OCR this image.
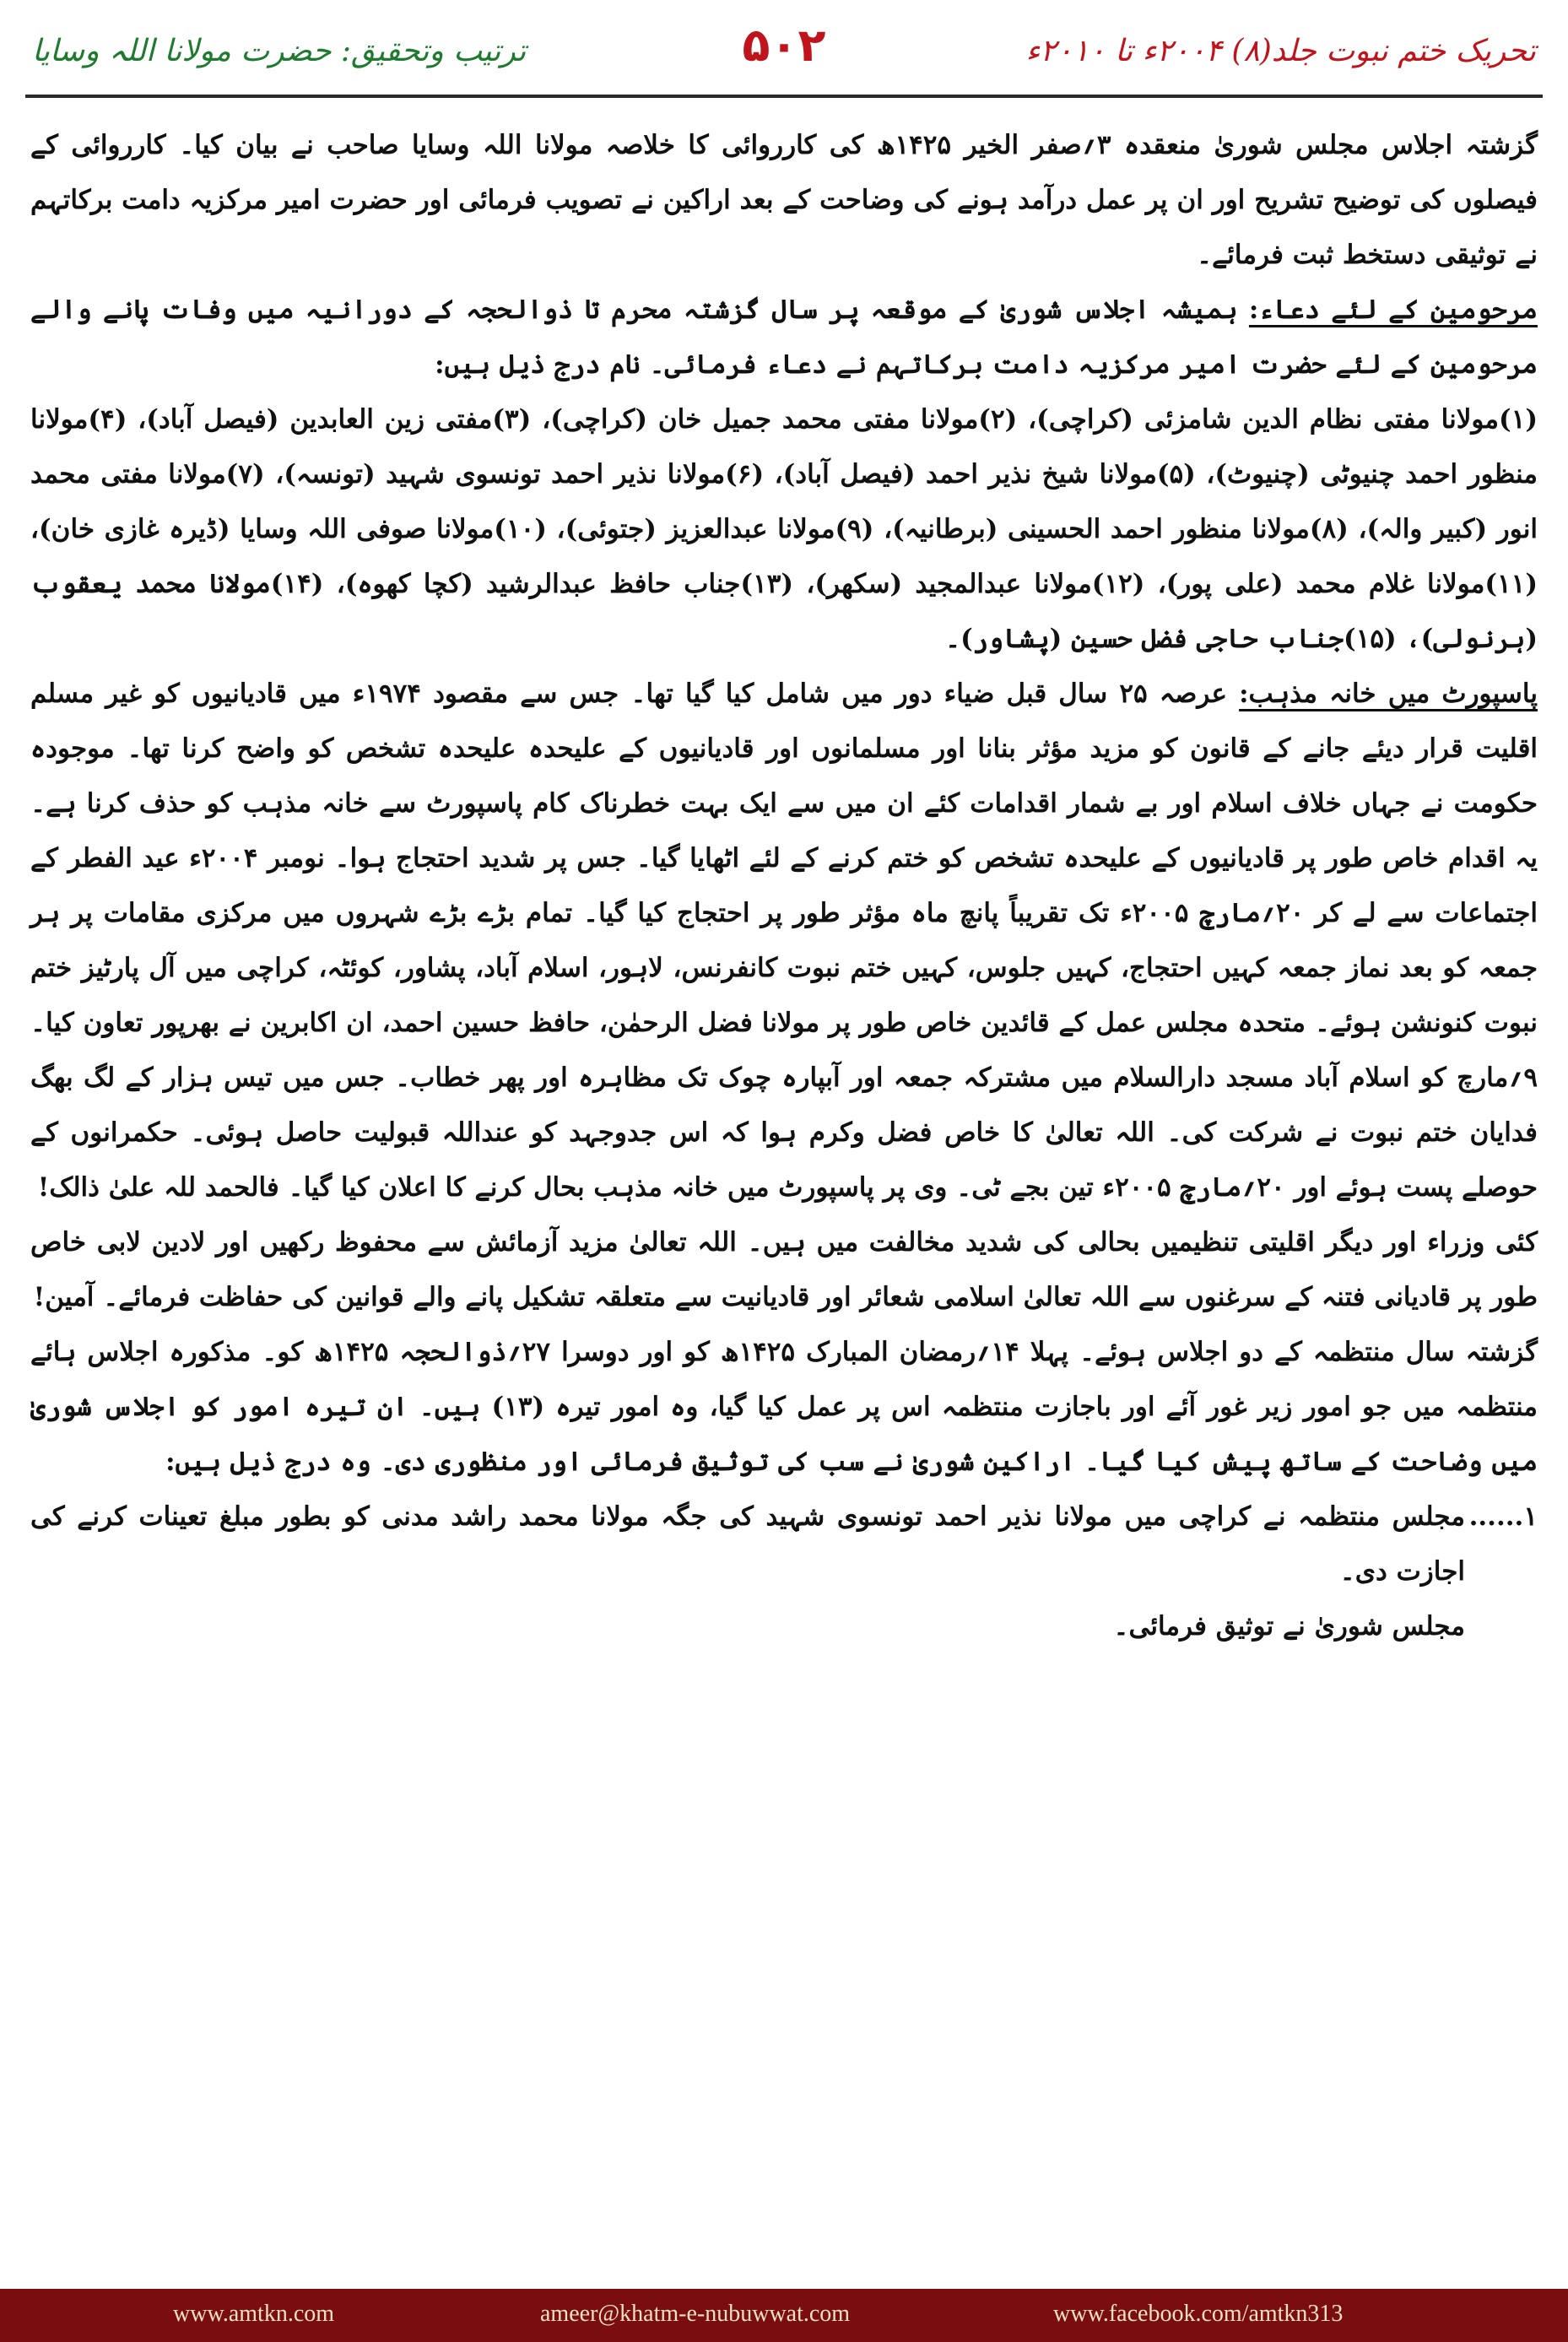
ترتیب وتحقیق: حضرت مولانا اللہ وسایا	۵۰۲	تحریک ختم نبوت جلد(۸) ۲۰۰۴ء تا ۲۰۱۰ء

گزشتہ اجلاس مجلس شوریٰ منعقدہ ۳؍صفر الخیر ۱۴۲۵ھ کی کارروائی کا خلاصہ مولانا اللہ وسایا صاحب نے بیان کیا۔ کارروائی کے فیصلوں کی توضیح تشریح اور ان پر عمل درآمد ہونے کی وضاحت کے بعد اراکین نے تصویب فرمائی اور حضرت امیر مرکزیہ دامت برکاتہم نے توثیقی دستخط ثبت فرمائے۔

مرحومین کے لئے دعاء: ہمیشہ اجلاس شوریٰ کے موقعہ پر سال گزشتہ محرم تا ذوالحجہ کے دورانیہ میں وفات پانے والے مرحومین کے لئے حضرت امیر مرکزیہ دامت برکاتہم نے دعاء فرمائی۔ نام درج ذیل ہیں:

(۱)مولانا مفتی نظام الدین شامزئی (کراچی)، (۲)مولانا مفتی محمد جمیل خان (کراچی)، (۳)مفتی زین العابدین (فیصل آباد)، (۴)مولانا منظور احمد چنیوٹی (چنیوٹ)، (۵)مولانا شیخ نذیر احمد (فیصل آباد)، (۶)مولانا نذیر احمد تونسوی شہید (تونسہ)، (۷)مولانا مفتی محمد انور (کبیر والہ)، (۸)مولانا منظور احمد الحسینی (برطانیہ)، (۹)مولانا عبدالعزیز (جتوئی)، (۱۰)مولانا صوفی اللہ وسایا (ڈیرہ غازی خان)، (۱۱)مولانا غلام محمد (علی پور)، (۱۲)مولانا عبدالمجید (سکھر)، (۱۳)جناب حافظ عبدالرشید (کچا کھوہ)، (۱۴)مولانا محمد یعقوب (ہرنولی)، (۱۵)جناب حاجی فضل حسین (پشاور)۔

پاسپورٹ میں خانہ مذہب: عرصہ ۲۵ سال قبل ضیاء دور میں شامل کیا گیا تھا۔ جس سے مقصود ۱۹۷۴ء میں قادیانیوں کو غیر مسلم اقلیت قرار دیئے جانے کے قانون کو مزید مؤثر بنانا اور مسلمانوں اور قادیانیوں کے علیحدہ علیحدہ تشخص کو واضح کرنا تھا۔ موجودہ حکومت نے جہاں خلاف اسلام اور بے شمار اقدامات کئے ان میں سے ایک بہت خطرناک کام پاسپورٹ سے خانہ مذہب کو حذف کرنا ہے۔ یہ اقدام خاص طور پر قادیانیوں کے علیحدہ تشخص کو ختم کرنے کے لئے اٹھایا گیا۔ جس پر شدید احتجاج ہوا۔ نومبر ۲۰۰۴ء عید الفطر کے اجتماعات سے لے کر ۲۰؍مارچ ۲۰۰۵ء تک تقریباً پانچ ماہ مؤثر طور پر احتجاج کیا گیا۔ تمام بڑے بڑے شہروں میں مرکزی مقامات پر ہر جمعہ کو بعد نماز جمعہ کہیں احتجاج، کہیں جلوس، کہیں ختم نبوت کانفرنس، لاہور، اسلام آباد، پشاور، کوئٹہ، کراچی میں آل پارٹیز ختم نبوت کنونشن ہوئے۔ متحدہ مجلس عمل کے قائدین خاص طور پر مولانا فضل الرحمٰن، حافظ حسین احمد، ان اکابرین نے بھرپور تعاون کیا۔ ۹؍مارچ کو اسلام آباد مسجد دارالسلام میں مشترکہ جمعہ اور آبپارہ چوک تک مظاہرہ اور پھر خطاب۔ جس میں تیس ہزار کے لگ بھگ فدایان ختم نبوت نے شرکت کی۔ اللہ تعالیٰ کا خاص فضل وکرم ہوا کہ اس جدوجہد کو عنداللہ قبولیت حاصل ہوئی۔ حکمرانوں کے حوصلے پست ہوئے اور ۲۰؍مارچ ۲۰۰۵ء تین بجے ٹی۔ وی پر پاسپورٹ میں خانہ مذہب بحال کرنے کا اعلان کیا گیا۔ فالحمد للہ علیٰ ذالک!

کئی وزراء اور دیگر اقلیتی تنظیمیں بحالی کی شدید مخالفت میں ہیں۔ اللہ تعالیٰ مزید آزمائش سے محفوظ رکھیں اور لادین لابی خاص طور پر قادیانی فتنہ کے سرغنوں سے اللہ تعالیٰ اسلامی شعائر اور قادیانیت سے متعلقہ تشکیل پانے والے قوانین کی حفاظت فرمائے۔ آمین!

گزشتہ سال منتظمہ کے دو اجلاس ہوئے۔ پہلا ۱۴؍رمضان المبارک ۱۴۲۵ھ کو اور دوسرا ۲۷؍ذوالحجہ ۱۴۲۵ھ کو۔ مذکورہ اجلاس ہائے منتظمہ میں جو امور زیر غور آئے اور باجازت منتظمہ اس پر عمل کیا گیا، وہ امور تیرہ (۱۳) ہیں۔ ان تیرہ امور کو اجلاس شوریٰ میں وضاحت کے ساتھ پیش کیا گیا۔ اراکین شوریٰ نے سب کی توثیق فرمائی اور منظوری دی۔ وہ درج ذیل ہیں:

۱......

مجلس منتظمہ نے کراچی میں مولانا نذیر احمد تونسوی شہید کی جگہ مولانا محمد راشد مدنی کو بطور مبلغ تعینات کرنے کی اجازت دی۔

مجلس شوریٰ نے توثیق فرمائی۔

www.amtkn.com	ameer@khatm-e-nubuwwat.com	www.facebook.com/amtkn313
